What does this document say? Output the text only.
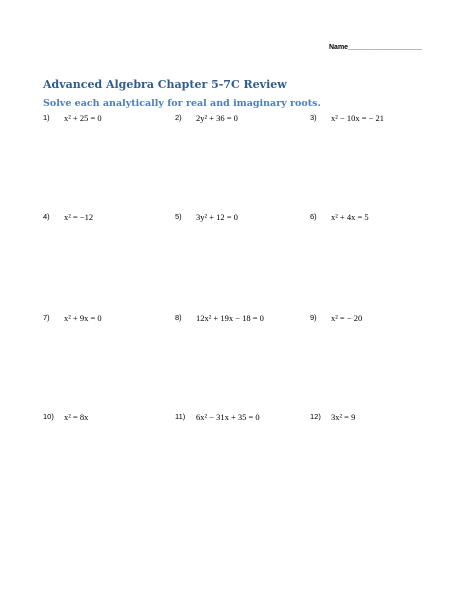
Name___________________
Advanced Algebra Chapter 5-7C Review
Solve each analytically for real and imaginary roots.
1) x² + 25 = 0	2) 2y² + 36 = 0	3) x² − 10x = − 21
4) x² = −12	5) 3y² + 12 = 0	6) x² + 4x = 5
7) x² + 9x = 0	8) 12x² + 19x − 18 = 0	9) x² = − 20
10) x² = 8x	11) 6x² − 31x + 35 = 0	12) 3x² = 9
